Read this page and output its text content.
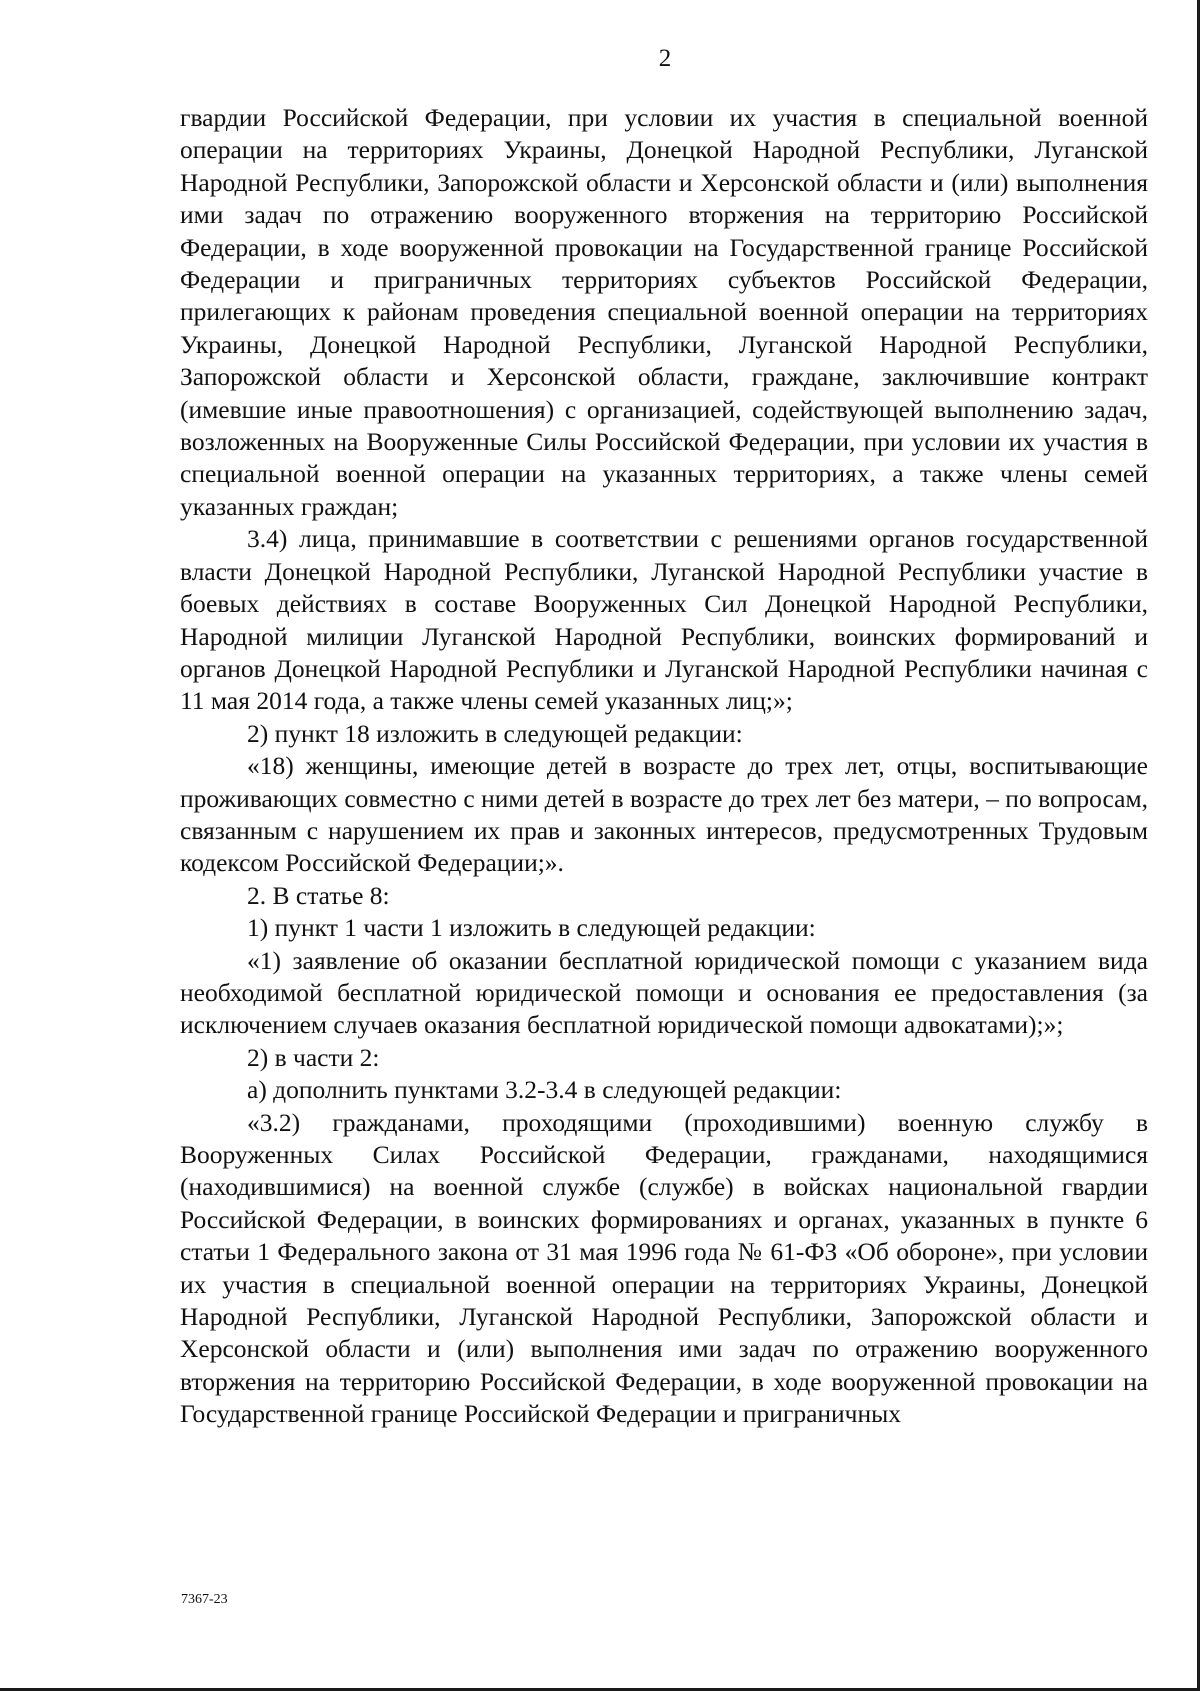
2

гвардии Российской Федерации, при условии их участия в специальной военной операции на территориях Украины, Донецкой Народной Республики, Луганской Народной Республики, Запорожской области и Херсонской области и (или) выполнения ими задач по отражению вооруженного вторжения на территорию Российской Федерации, в ходе вооруженной провокации на Государственной границе Российской Федерации и приграничных территориях субъектов Российской Федерации, прилегающих к районам проведения специальной военной операции на территориях Украины, Донецкой Народной Республики, Луганской Народной Республики, Запорожской области и Херсонской области, граждане, заключившие контракт (имевшие иные правоотношения) с организацией, содействующей выполнению задач, возложенных на Вооруженные Силы Российской Федерации, при условии их участия в специальной военной операции на указанных территориях, а также члены семей указанных граждан;

3.4) лица, принимавшие в соответствии с решениями органов государственной власти Донецкой Народной Республики, Луганской Народной Республики участие в боевых действиях в составе Вооруженных Сил Донецкой Народной Республики, Народной милиции Луганской Народной Республики, воинских формирований и органов Донецкой Народной Республики и Луганской Народной Республики начиная с 11 мая 2014 года, а также члены семей указанных лиц;»;

2) пункт 18 изложить в следующей редакции:

«18) женщины, имеющие детей в возрасте до трех лет, отцы, воспитывающие проживающих совместно с ними детей в возрасте до трех лет без матери, – по вопросам, связанным с нарушением их прав и законных интересов, предусмотренных Трудовым кодексом Российской Федерации;».

2. В статье 8:

1) пункт 1 части 1 изложить в следующей редакции:

«1) заявление об оказании бесплатной юридической помощи с указанием вида необходимой бесплатной юридической помощи и основания ее предоставления (за исключением случаев оказания бесплатной юридической помощи адвокатами);»;

2) в части 2:

а) дополнить пунктами 3.2-3.4 в следующей редакции:

«3.2) гражданами, проходящими (проходившими) военную службу в Вооруженных Силах Российской Федерации, гражданами, находящимися (находившимися) на военной службе (службе) в войсках национальной гвардии Российской Федерации, в воинских формированиях и органах, указанных в пункте 6 статьи 1 Федерального закона от 31 мая 1996 года № 61-ФЗ «Об обороне», при условии их участия в специальной военной операции на территориях Украины, Донецкой Народной Республики, Луганской Народной Республики, Запорожской области и Херсонской области и (или) выполнения ими задач по отражению вооруженного вторжения на территорию Российской Федерации, в ходе вооруженной провокации на Государственной границе Российской Федерации и приграничных

7367-23
